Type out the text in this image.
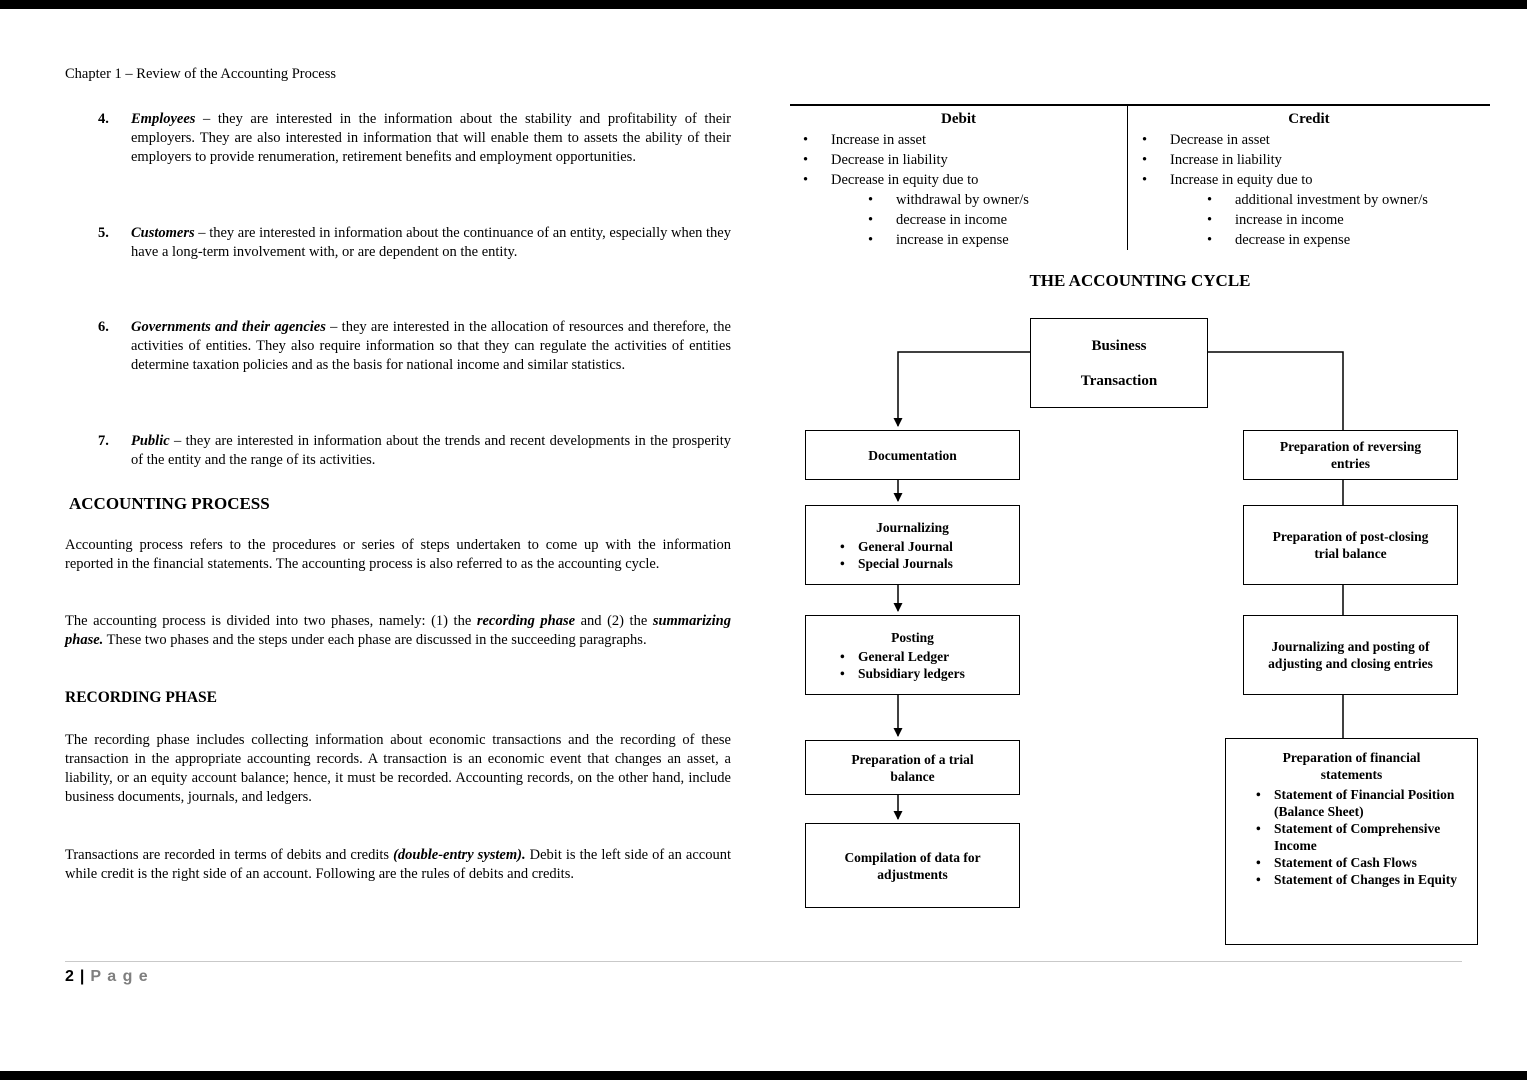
Chapter 1 – Review of the Accounting Process
4.	Employees – they are interested in the information about the stability and profitability of their employers. They are also interested in information that will enable them to assets the ability of their employers to provide renumeration, retirement benefits and employment opportunities.
5.	Customers – they are interested in information about the continuance of an entity, especially when they have a long-term involvement with, or are dependent on the entity.
6.	Governments and their agencies – they are interested in the allocation of resources and therefore, the activities of entities. They also require information so that they can regulate the activities of entities determine taxation policies and as the basis for national income and similar statistics.
7.	Public – they are interested in information about the trends and recent developments in the prosperity of the entity and the range of its activities.
ACCOUNTING PROCESS
Accounting process refers to the procedures or series of steps undertaken to come up with the information reported in the financial statements. The accounting process is also referred to as the accounting cycle.
The accounting process is divided into two phases, namely: (1) the recording phase and (2) the summarizing phase. These two phases and the steps under each phase are discussed in the succeeding paragraphs.
RECORDING PHASE
The recording phase includes collecting information about economic transactions and the recording of these transaction in the appropriate accounting records. A transaction is an economic event that changes an asset, a liability, or an equity account balance; hence, it must be recorded. Accounting records, on the other hand, include business documents, journals, and ledgers.
Transactions are recorded in terms of debits and credits (double-entry system). Debit is the left side of an account while credit is the right side of an account. Following are the rules of debits and credits.
Debit
• Increase in asset
• Decrease in liability
• Decrease in equity due to
• withdrawal by owner/s
• decrease in income
• increase in expense
Credit
• Decrease in asset
• Increase in liability
• Increase in equity due to
• additional investment by owner/s
• increase in income
• decrease in expense
THE ACCOUNTING CYCLE
Business
Transaction
Documentation
Journalizing
• General Journal
• Special Journals
Posting
• General Ledger
• Subsidiary ledgers
Preparation of a trial balance
Compilation of data for adjustments
Preparation of reversing entries
Preparation of post-closing trial balance
Journalizing and posting of adjusting and closing entries
Preparation of financial statements
• Statement of Financial Position (Balance Sheet)
• Statement of Comprehensive Income
• Statement of Cash Flows
• Statement of Changes in Equity
2 | P a g e
